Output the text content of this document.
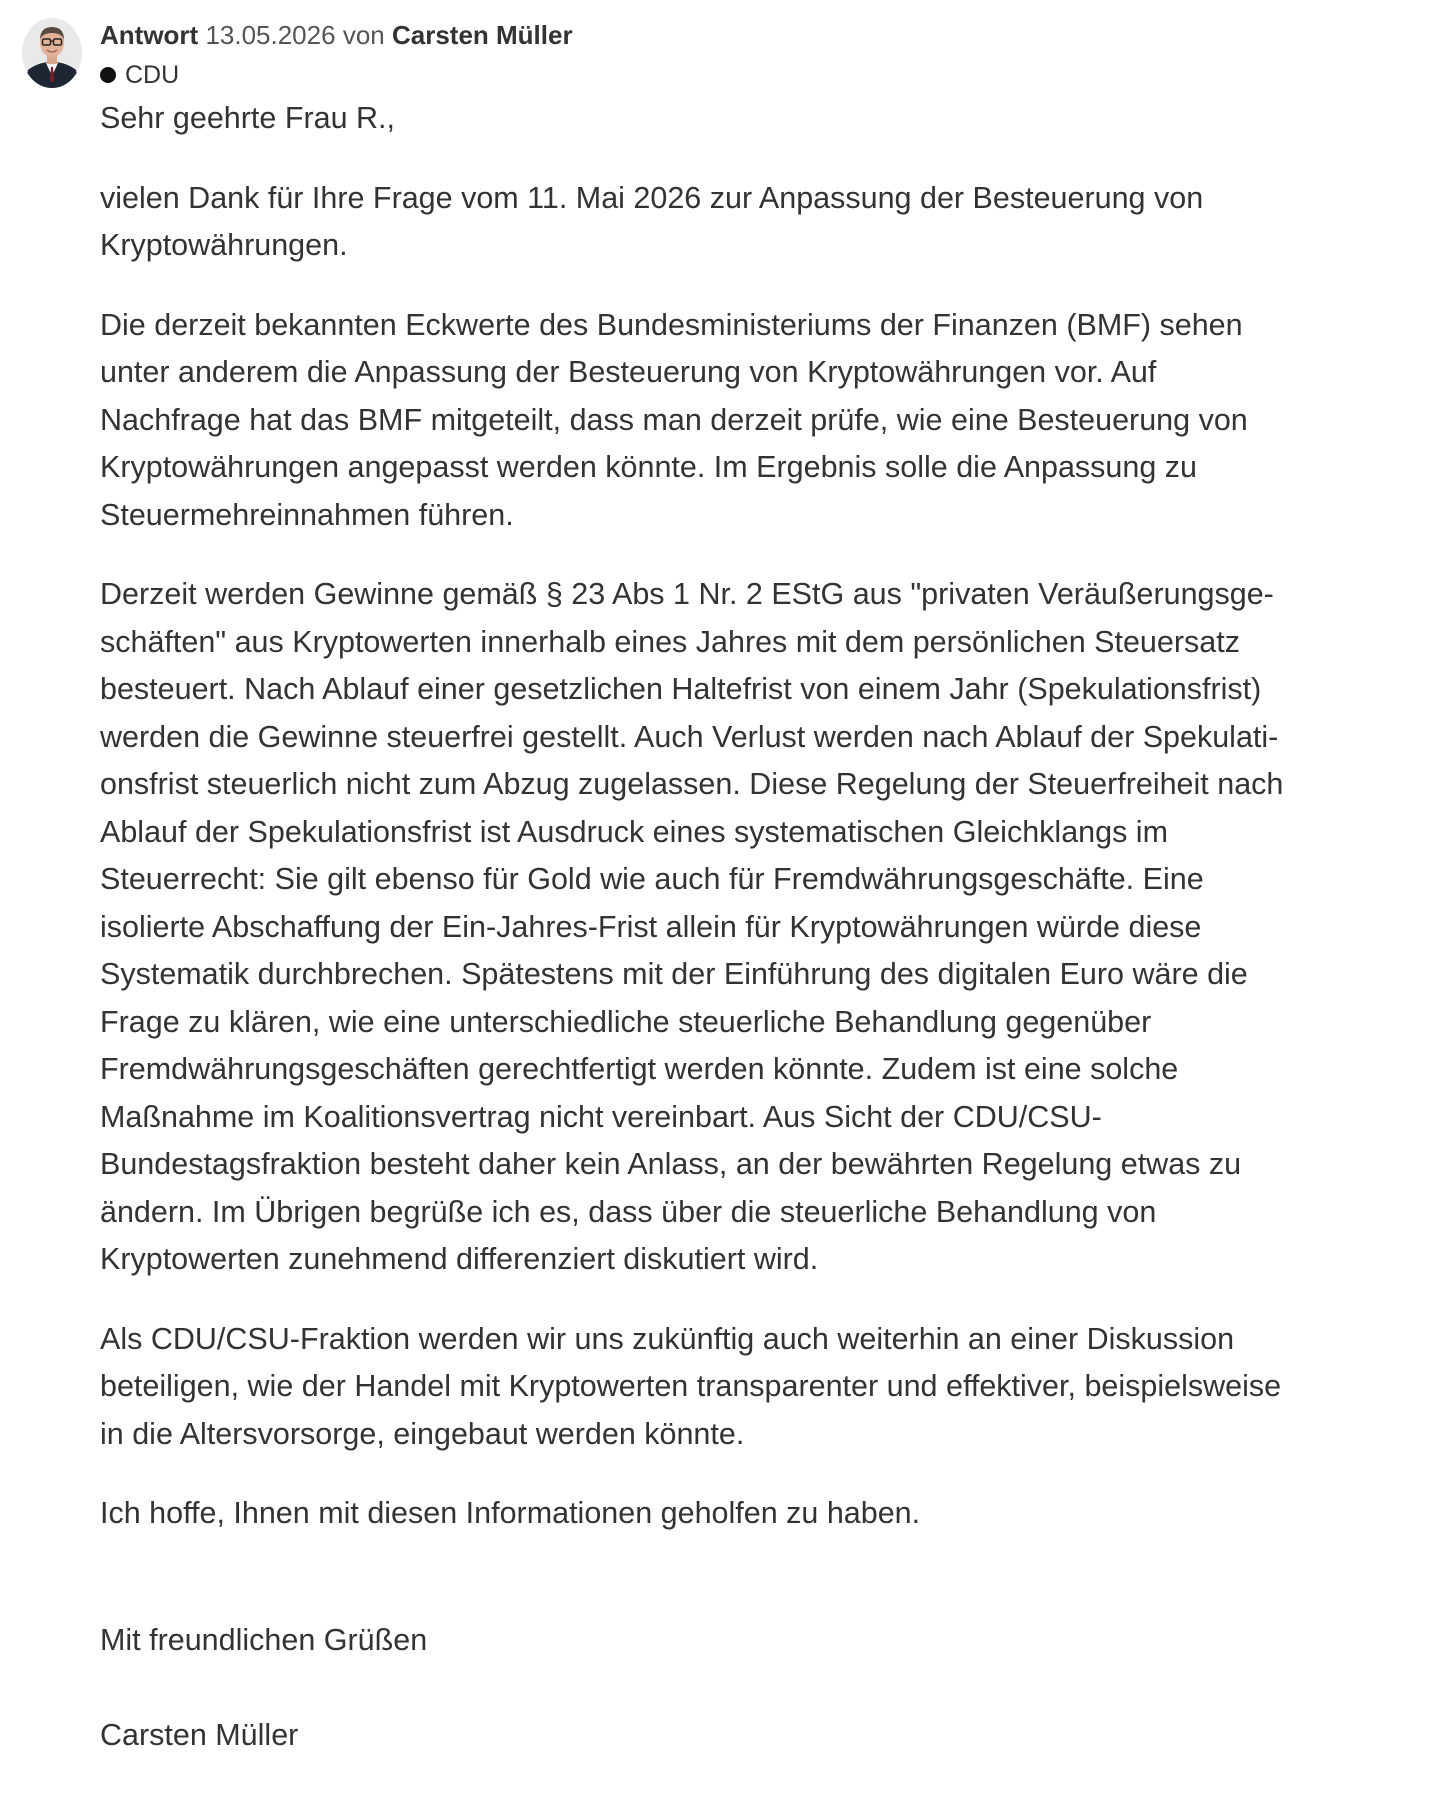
Antwort 13.05.2026 von Carsten Müller
CDU

Sehr geehrte Frau R.,

vielen Dank für Ihre Frage vom 11. Mai 2026 zur Anpassung der Besteuerung von
Kryptowährungen.

Die derzeit bekannten Eckwerte des Bundesministeriums der Finanzen (BMF) sehen
unter anderem die Anpassung der Besteuerung von Kryptowährungen vor. Auf
Nachfrage hat das BMF mitgeteilt, dass man derzeit prüfe, wie eine Besteuerung von
Kryptowährungen angepasst werden könnte. Im Ergebnis solle die Anpassung zu
Steuermehreinnahmen führen.

Derzeit werden Gewinne gemäß § 23 Abs 1 Nr. 2 EStG aus "privaten Veräußerungsge-
schäften" aus Kryptowerten innerhalb eines Jahres mit dem persönlichen Steuersatz
besteuert. Nach Ablauf einer gesetzlichen Haltefrist von einem Jahr (Spekulationsfrist)
werden die Gewinne steuerfrei gestellt. Auch Verlust werden nach Ablauf der Spekulati-
onsfrist steuerlich nicht zum Abzug zugelassen. Diese Regelung der Steuerfreiheit nach
Ablauf der Spekulationsfrist ist Ausdruck eines systematischen Gleichklangs im
Steuerrecht: Sie gilt ebenso für Gold wie auch für Fremdwährungsgeschäfte. Eine
isolierte Abschaffung der Ein-Jahres-Frist allein für Kryptowährungen würde diese
Systematik durchbrechen. Spätestens mit der Einführung des digitalen Euro wäre die
Frage zu klären, wie eine unterschiedliche steuerliche Behandlung gegenüber
Fremdwährungsgeschäften gerechtfertigt werden könnte. Zudem ist eine solche
Maßnahme im Koalitionsvertrag nicht vereinbart. Aus Sicht der CDU/CSU-
Bundestagsfraktion besteht daher kein Anlass, an der bewährten Regelung etwas zu
ändern. Im Übrigen begrüße ich es, dass über die steuerliche Behandlung von
Kryptowerten zunehmend differenziert diskutiert wird.

Als CDU/CSU-Fraktion werden wir uns zukünftig auch weiterhin an einer Diskussion
beteiligen, wie der Handel mit Kryptowerten transparenter und effektiver, beispielsweise
in die Altersvorsorge, eingebaut werden könnte.

Ich hoffe, Ihnen mit diesen Informationen geholfen zu haben.

Mit freundlichen Grüßen

Carsten Müller
